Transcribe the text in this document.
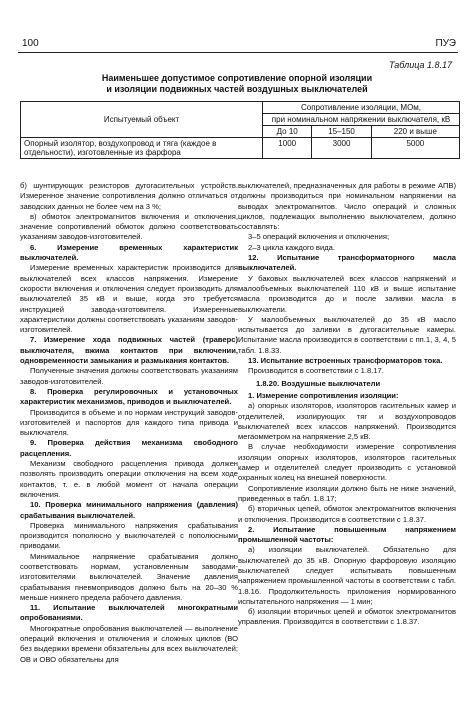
100	ПУЭ
Таблица 1.8.17
Наименьшее допустимое сопротивление опорной изоляции
и изоляции подвижных частей воздушных выключателей
Испытуемый объект	Сопротивление изоляции, МОм,		
	при номинальном напряжении выключателя, кВ		
	До 10	15–150	220 и выше
Опорный изолятор, воздухопровод и тяга (каждое в отдельности), изготовленные из фарфора	1000	3000	5000

б) шунтирующих резисторов дугогасительных устройств. Измеренное значение сопротивления должно отличаться от заводских данных не более чем на 3 %;

в) обмоток электромагнитов включения и отключения, значение сопротивлений обмоток должно соответствовать указаниям заводов-изготовителей.

6. Измерение временных характеристик выключателей.

Измерение временных характеристик производится для выключателей всех классов напряжения. Измерение скорости включения и отключения следует производить для выключателей 35 кВ и выше, когда это требуется инструкцией завода-изготовителя. Измеренные характеристики должны соответствовать указаниям заводов-изготовителей.

7. Измерение хода подвижных частей (траверс) выключателя, вжима контактов при включении, одновременности замыкания и размыкания контактов.

Полученные значения должны соответствовать указаниям заводов-изготовителей.

8. Проверка регулировочных и установочных характеристик механизмов, приводов и выключателей.

Производится в объеме и по нормам инструкций заводов-изготовителей и паспортов для каждого типа привода и выключателя.

9. Проверка действия механизма свободного расцепления.

Механизм свободного расцепления привода должен позволять производить операции отключения на всем ходе контактов, т. е. в любой момент от начала операции включения.

10. Проверка минимального напряжения (давления) срабатывания выключателей.

Проверка минимального напряжения срабатывания производится пополюсно у выключателей с пополюсными приводами.

Минимальное напряжение срабатывания должно соответствовать нормам, установленным заводами-изготовителями выключателей. Значение давления срабатывания пневмоприводов должно быть на 20–30 % меньше нижнего предела рабочего давления.

11. Испытание выключателей многократными опробованиями.

Многократные опробования выключателей — выполнение операций включения и отключения и сложных циклов (ВО без выдержки времени обязательны для всех выключателей; ОВ и ОВО обязательны для

выключателей, предназначенных для работы в режиме АПВ) должны производиться при номинальном напряжении на выводах электромагнитов. Число операций и сложных циклов, подлежащих выполнению выключателем, должно составлять:

3–5 операций включения и отключения;

2–3 цикла каждого вида.

12. Испытание трансформаторного масла выключателей.

У баковых выключателей всех классов напряжений и малообъемных выключателей 110 кВ и выше испытание масла производится до и после заливки масла в выключатели.

У малообъемных выключателей до 35 кВ масло испытывается до заливки в дугогасительные камеры. Испытание масла производится в соответствии с пп.1, 3, 4, 5 табл. 1.8.33.

13. Испытание встроенных трансформаторов тока.

Производится в соответствии с 1.8.17.

1.8.20. Воздушные выключатели

1. Измерение сопротивления изоляции:

а) опорных изоляторов, изоляторов гасительных камер и отделителей, изолирующих тяг и воздухопроводов выключателей всех классов напряжений. Производится мегаомметром на напряжение 2,5 кВ.

В случае необходимости измерение сопротивления изоляции опорных изоляторов, изоляторов гасительных камер и отделителей следует производить с установкой охранных колец на внешней поверхности.

Сопротивление изоляции должно быть не ниже значений, приведенных в табл. 1.8.17;

б) вторичных цепей, обмоток электромагнитов включения и отключения. Производится в соответствии с 1.8.37.

2. Испытание повышенным напряжением промышленной частоты:

а) изоляции выключателей. Обязательно для выключателей до 35 кВ. Опорную фарфоровую изоляцию выключателей следует испытывать повышенным напряжением промышленной частоты в соответствии с табл. 1.8.16. Продолжительность приложения нормированного испытательного напряжения — 1 мин;

б) изоляции вторичных цепей и обмоток электромагнитов управления. Производится в соответствии с 1.8.37.
